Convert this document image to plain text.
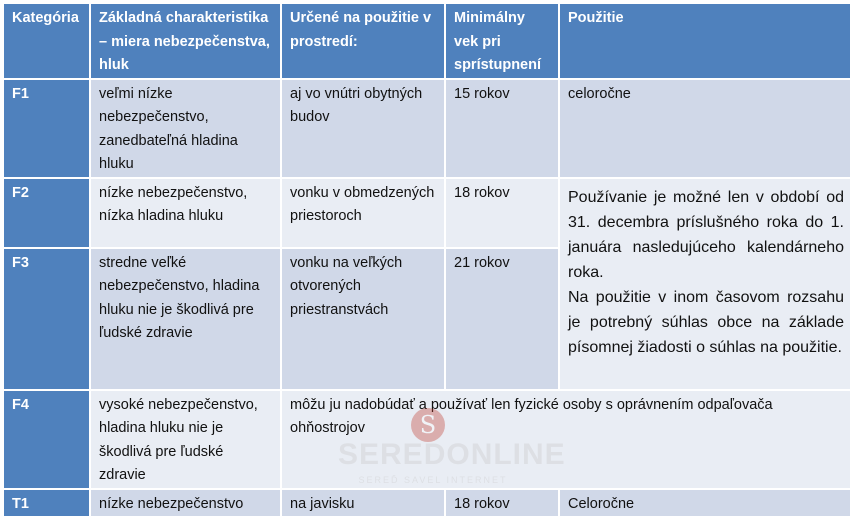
Kategória	Základná charakteristika – miera nebezpečenstva, hluk	Určené na použitie v prostredí:	Minimálny vek pri sprístupnení	Použitie
F1	veľmi nízke nebezpečenstvo, zanedbateľná hladina hluku	aj vo vnútri obytných budov	15 rokov	celoročne
F2	nízke nebezpečenstvo, nízka hladina hluku	vonku v obmedzených priestoroch	18 rokov	Používanie je možné len v období od 31. decembra príslušného roka do 1. januára nasledujúceho kalendárneho roka.
Na použitie v inom časovom rozsahu je potrebný súhlas obce na základe písomnej žiadosti o súhlas na použitie.

F3	stredne veľké nebezpečenstvo, hladina hluku nie je škodlivá pre ľudské zdravie	vonku na veľkých otvorených priestranstvách	21 rokov	
F4	vysoké nebezpečenstvo, hladina hluku nie je škodlivá pre ľudské zdravie	môžu ju nadobúdať a používať len fyzické osoby s oprávnením odpaľovača ohňostrojov		
T1	nízke nebezpečenstvo	na javisku	18 rokov	Celoročne
S
SEREDONLINE
SEREĎ SAVEL INTERNET
